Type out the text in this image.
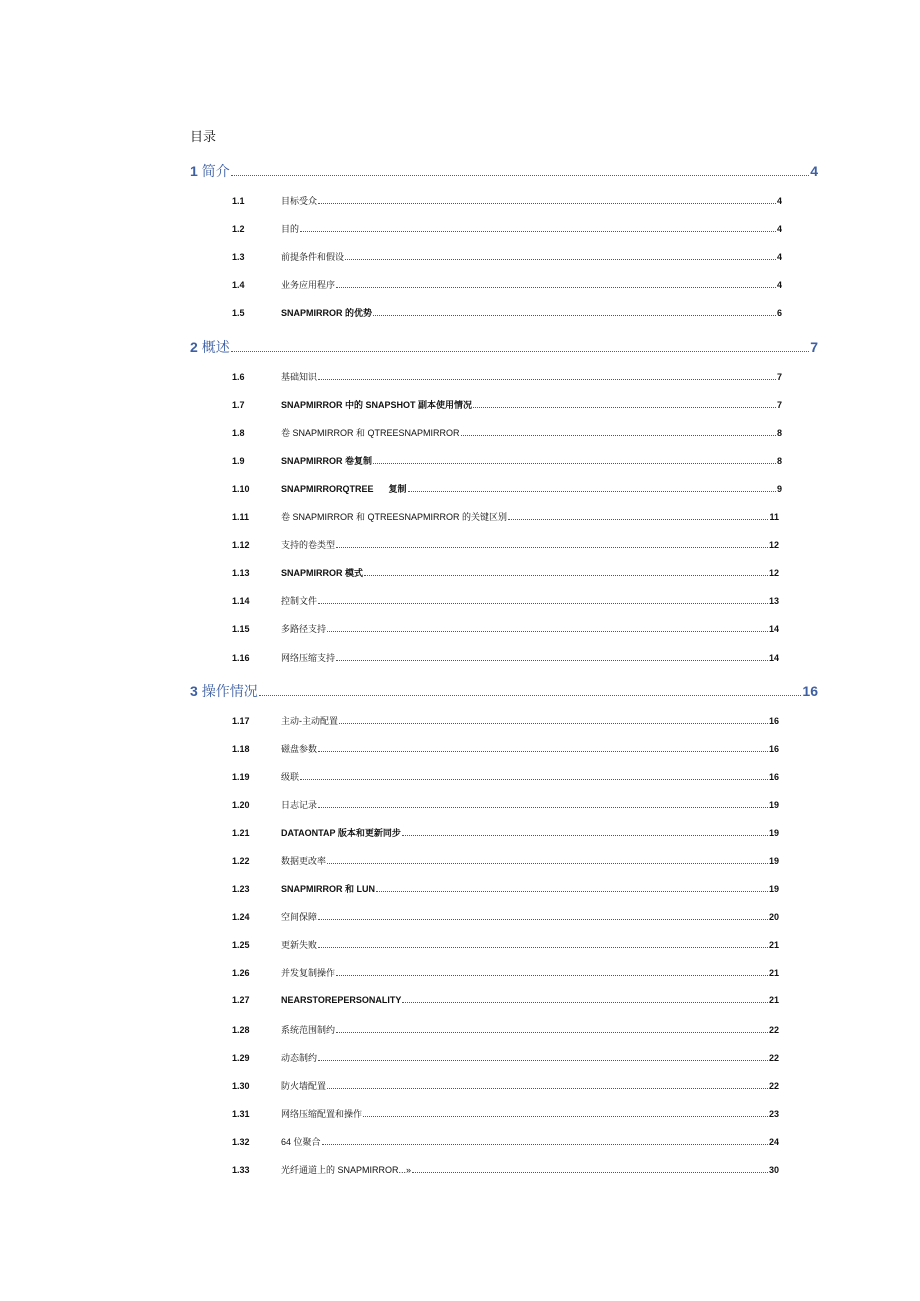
目录
1 简介	4
1.1	目标受众	4
1.2	目的	4
1.3	前提条件和假设	4
1.4	业务应用程序	4
1.5	SNAPMIRROR 的优势	6
2 概述	7
1.6	基础知识	7
1.7	SNAPMIRROR 中的 SNAPSHOT 副本使用情况	7
1.8	卷 SNAPMIRROR 和 QTREESNAPMIRROR	8
1.9	SNAPMIRROR 卷复制	8
1.10	SNAPMIRRORQTREE      复制	9
1.11	卷 SNAPMIRROR 和 QTREESNAPMIRROR 的关键区别	11
1.12	支持的卷类型	12
1.13	SNAPMIRROR 模式	12
1.14	控制文件	13
1.15	多路径支持	14
1.16	网络压缩支持	14
3 操作情况	16
1.17	主动-主动配置	16
1.18	磁盘参数	16
1.19	级联	16
1.20	日志记录	19
1.21	DATAONTAP 版本和更新同步	19
1.22	数据更改率	19
1.23	SNAPMIRROR 和 LUN	19
1.24	空间保障	20
1.25	更新失败	21
1.26	并发复制操作	21
1.27	NEARSTOREPERSONALITY	21
1.28	系统范围制约	22
1.29	动态制约	22
1.30	防火墙配置	22
1.31	网络压缩配置和操作	23
1.32	64 位聚合	24
1.33	光纤通道上的 SNAPMIRROR...»	30
